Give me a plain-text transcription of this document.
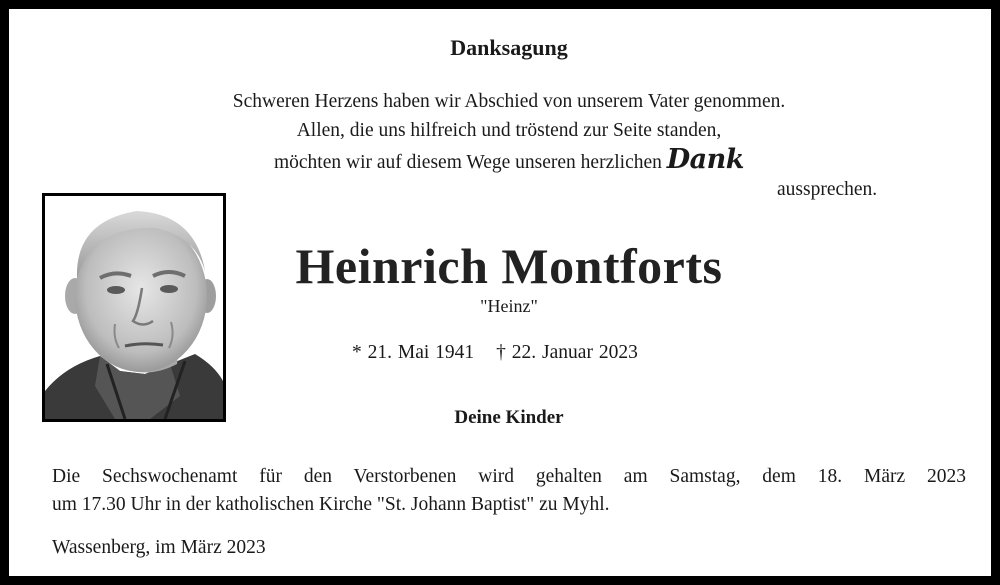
Danksagung
Schweren Herzens haben wir Abschied von unserem Vater genommen.
Allen, die uns hilfreich und tröstend zur Seite standen,
möchten wir auf diesem Wege unseren herzlichen Dank
aussprechen.
Heinrich Montforts
"Heinz"
* 21. Mai 1941 † 22. Januar 2023
Deine Kinder
Die Sechswochenamt für den Verstorbenen wird gehalten am Samstag, dem 18. März 2023
um 17.30 Uhr in der katholischen Kirche "St. Johann Baptist" zu Myhl.
Wassenberg, im März 2023
